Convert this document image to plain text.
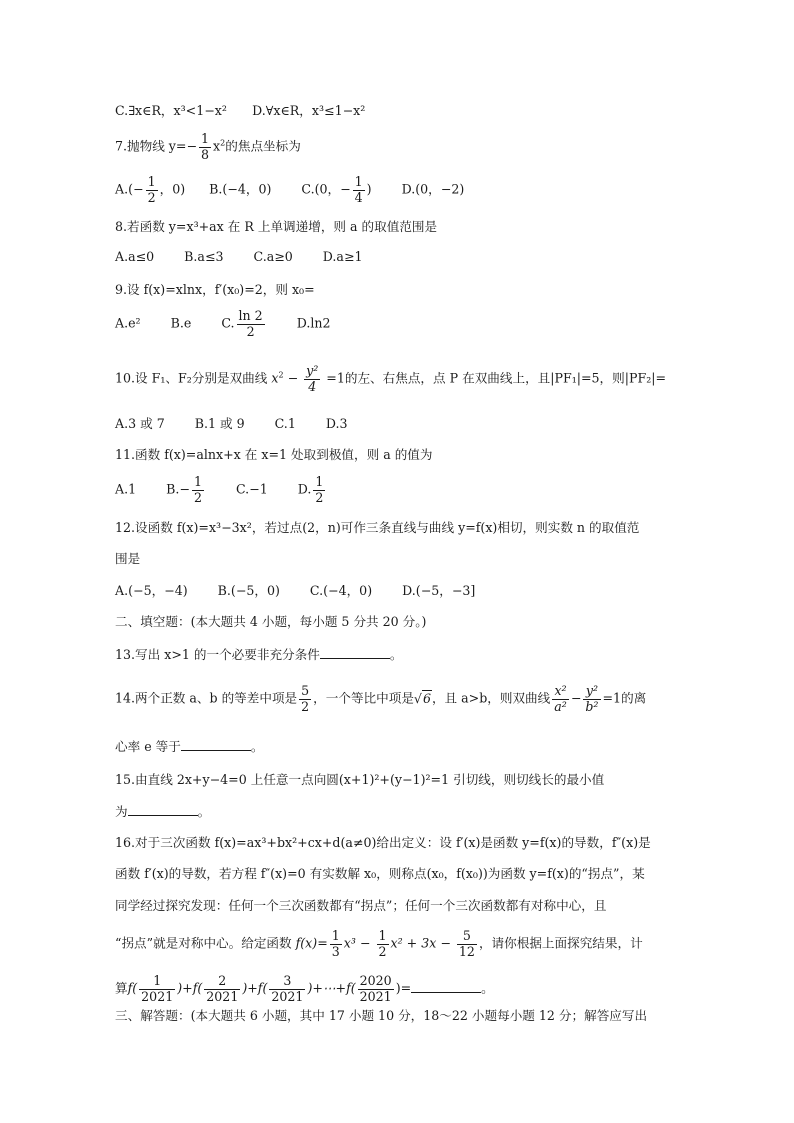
C.∃x∈R，x³<1−x²　　D.∀x∈R，x³≤1−x²
7.抛物线 $y=- \frac{1}{8} x^2$的焦点坐标为
$A.(- \frac{1}{2}$ ，0) B.(−4，0) C.(0，− $\frac{1}{4}$ ) D.(0，−2)
8.若函数 y=x³+ax 在 R 上单调递增，则 a 的取值范围是
A.a≤0 B.a≤3 C.a≥0 D.a≥1
9.设 f(x)=xlnx，f′(x₀)=2，则 x₀=
A.e² B.e C. $\frac{\ln 2}{2}$	D.ln2
10.设 F₁、F₂分别是双曲线 $x^2 - \frac{\text{y²}}{4} =1$的左、右焦点，点 P 在双曲线上，且|PF₁|=5，则|PF₂|=
A.3 或 7 B.1 或 9 C.1 D.3
11.函数 f(x)=alnx+x 在 x=1 处取到极值，则 a 的值为
A.1 $B.- \frac{1}{2}$	C.−1 D. $\frac{1}{2}$
12.设函数 f(x)=x³−3x²，若过点(2，n)可作三条直线与曲线 y=f(x)相切，则实数 n 的取值范
围是
A.(−5，−4) B.(−5，0) C.(−4，0) D.(−5，−3]
二、填空题：(本大题共 4 小题，每小题 5 分共 20 分。)
13.写出 x>1 的一个必要非充分条件	。
14.两个正数 a、b 的等差中项是 $\frac{5}{2}$ ，一个等比中项是√6，且 a>b，则双曲线 $\frac{\text{x²}}{\text{a²}} - \frac{\text{y²}}{\text{b²}} =1$的离
心率 e 等于	。
15.由直线 2x+y−4=0 上任意一点向圆(x+1)²+(y−1)²=1 引切线，则切线长的最小值
为	。
16.对于三次函数 f(x)=ax³+bx²+cx+d(a≠0)给出定义：设 f′(x)是函数 y=f(x)的导数，f″(x)是
函数 f′(x)的导数，若方程 f″(x)=0 有实数解 x₀，则称点(x₀，f(x₀))为函数 y=f(x)的“拐点”，某
同学经过探究发现：任何一个三次函数都有“拐点”；任何一个三次函数都有对称中心，且
“拐点”就是对称中心。给定函数 $f(x)= \frac{1}{3} x^3 - \frac{1}{2} x^2 + 3x - \frac{5}{12}$ ，请你根据上面探究结果，计
算$f( \frac{1}{2021} )+f( \frac{2}{2021} )+f( \frac{3}{2021}$ )+⋯+f( $\frac{2020}{2021}$ )=	。
三、解答题：(本大题共 6 小题，其中 17 小题 10 分，18～22 小题每小题 12 分；解答应写出
